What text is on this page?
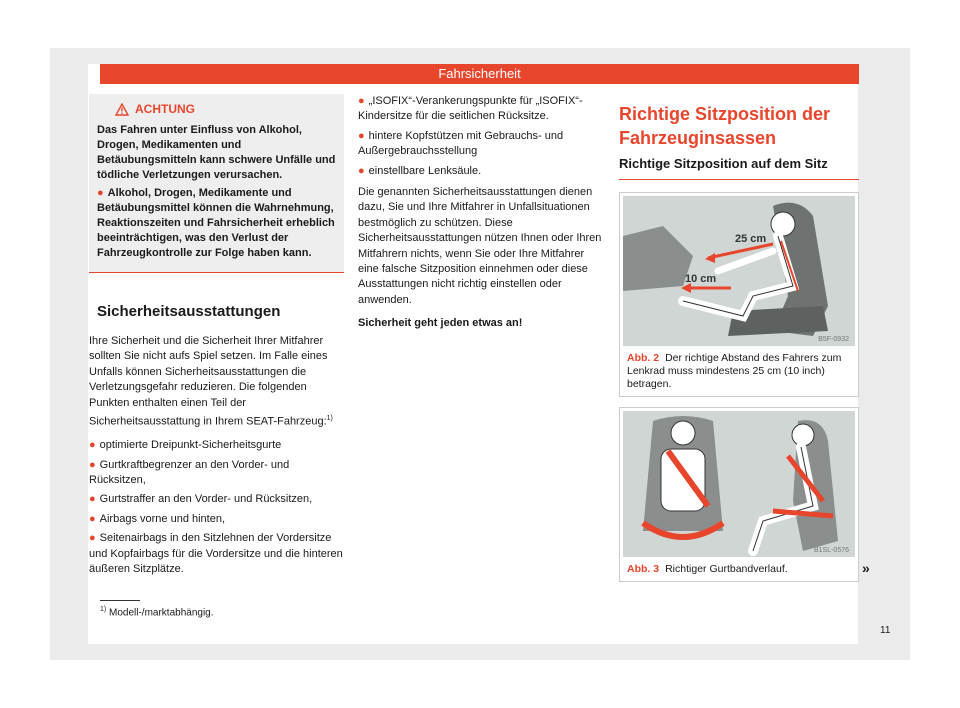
Fahrsicherheit
ACHTUNG

Das Fahren unter Einfluss von Alkohol, Drogen, Medikamenten und Betäubungsmitteln kann schwere Unfälle und tödliche Verletzungen verursachen.

● Alkohol, Drogen, Medikamente und Betäubungsmittel können die Wahrnehmung, Reaktionszeiten und Fahrsicherheit erheblich beeinträchtigen, was den Verlust der Fahrzeugkontrolle zur Folge haben kann.

Sicherheitsausstattungen

Ihre Sicherheit und die Sicherheit Ihrer Mitfahrer sollten Sie nicht aufs Spiel setzen. Im Falle eines Unfalls können Sicherheitsausstattungen die Verletzungsgefahr reduzieren. Die folgenden Punkten enthalten einen Teil der Sicherheitsausstattung in Ihrem SEAT-Fahrzeug:$^{1)}$

● optimierte Dreipunkt-Sicherheitsgurte
● Gurtkraftbegrenzer an den Vorder- und Rücksitzen,
● Gurtstraffer an den Vorder- und Rücksitzen,
● Airbags vorne und hinten,
● Seitenairbags in den Sitzlehnen der Vordersitze und Kopfairbags für die Vordersitze und die hinteren äußeren Sitzplätze.
● „ISOFIX“-Verankerungspunkte für „ISOFIX“-Kindersitze für die seitlichen Rücksitze.
● hintere Kopfstützen mit Gebrauchs- und Außergebrauchsstellung
● einstellbare Lenksäule.

Die genannten Sicherheitsausstattungen dienen dazu, Sie und Ihre Mitfahrer in Unfallsituationen bestmöglich zu schützen. Diese Sicherheitsausstattungen nützen Ihnen oder Ihren Mitfahrern nichts, wenn Sie oder Ihre Mitfahrer eine falsche Sitzposition einnehmen oder diese Ausstattungen nicht richtig einstellen oder anwenden.

Sicherheit geht jeden etwas an!

Richtige Sitzposition der Fahrzeuginsassen
Richtige Sitzposition auf dem Sitz
25 cm
10 cm
B5F-0932
Abb. 2 Der richtige Abstand des Fahrers zum Lenkrad muss mindestens 25 cm (10 inch) betragen.
B1SL-0576
Abb. 3 Richtiger Gurtbandverlauf.	»
$^{1)}$ Modell-/marktabhängig.
11
